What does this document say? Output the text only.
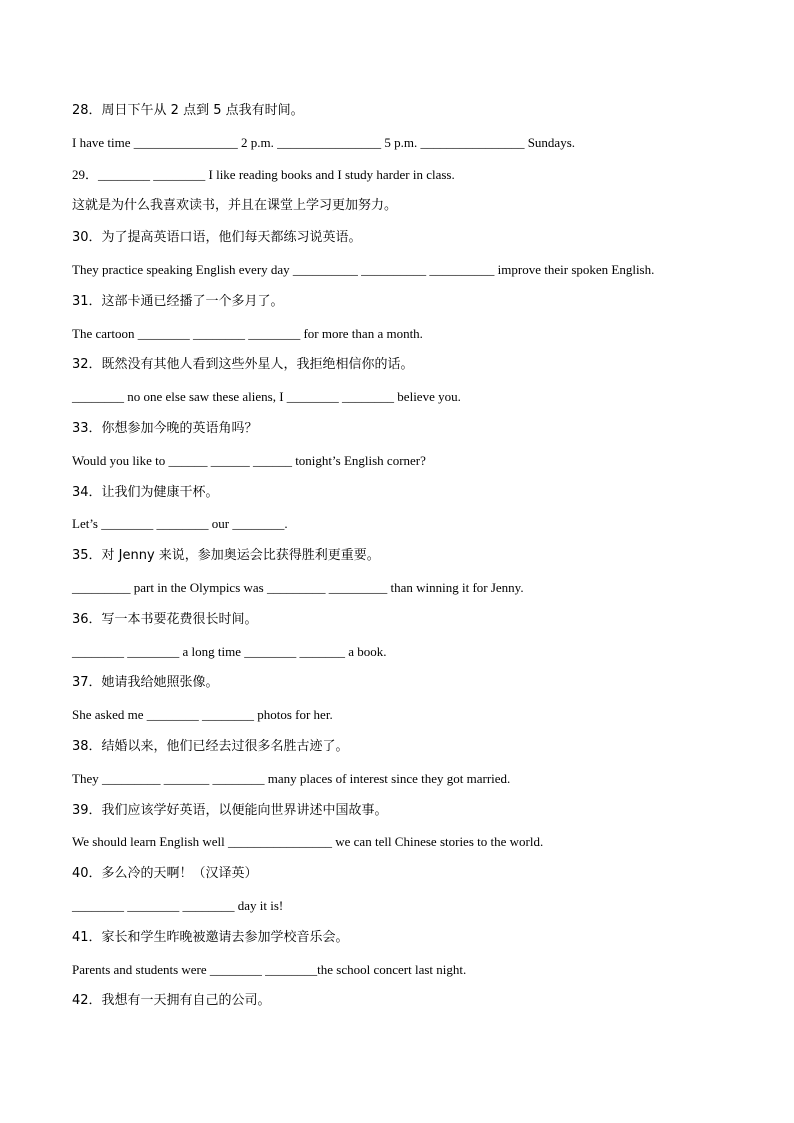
28．周日下午从 2 点到 5 点我有时间。
I have time ________________ 2 p.m. ________________ 5 p.m. ________________ Sundays.
29．________ ________ I like reading books and I study harder in class.
这就是为什么我喜欢读书，并且在课堂上学习更加努力。
30．为了提高英语口语，他们每天都练习说英语。
They practice speaking English every day __________ __________ __________ improve their spoken English.
31．这部卡通已经播了一个多月了。
The cartoon ________ ________ ________ for more than a month.
32．既然没有其他人看到这些外星人，我拒绝相信你的话。
________ no one else saw these aliens, I ________ ________ believe you.
33．你想参加今晚的英语角吗？
Would you like to ______ ______ ______ tonight’s English corner?
34．让我们为健康干杯。
Let’s ________ ________ our ________.
35．对 Jenny 来说，参加奥运会比获得胜利更重要。
_________ part in the Olympics was _________ _________ than winning it for Jenny.
36．写一本书要花费很长时间。
________ ________ a long time ________ _______ a book.
37．她请我给她照张像。
She asked me ________ ________ photos for her.
38．结婚以来，他们已经去过很多名胜古迹了。
They _________ _______ ________ many places of interest since they got married.
39．我们应该学好英语，以便能向世界讲述中国故事。
We should learn English well ________________ we can tell Chinese stories to the world.
40．多么冷的天啊！（汉译英）
________ ________ ________ day it is!
41．家长和学生昨晚被邀请去参加学校音乐会。
Parents and students were ________ ________the school concert last night.
42．我想有一天拥有自己的公司。
